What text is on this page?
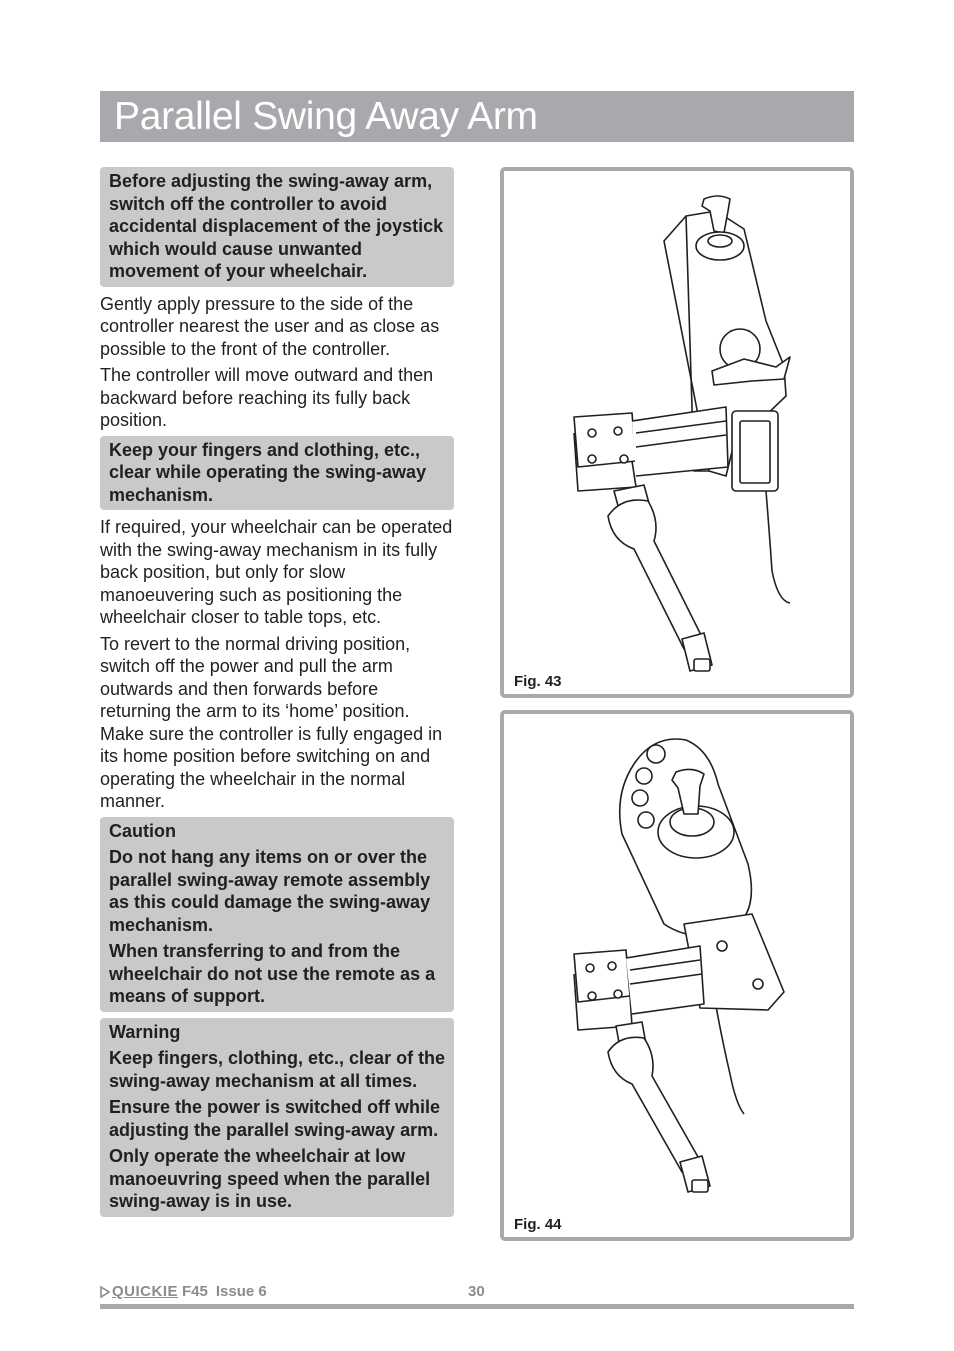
Parallel Swing Away Arm

Before adjusting the swing-away arm, switch off the controller to avoid accidental displacement of the joystick which would cause unwanted movement of your wheelchair.

Gently apply pressure to the side of the controller nearest the user and as close as possible to the front of the controller.

The controller will move outward and then backward before reaching its fully back position.

Keep your fingers and clothing, etc., clear while operating the swing-away mechanism.

If required, your wheelchair can be operated with the swing-away mechanism in its fully back position, but only for slow manoeuvering such as positioning the wheelchair closer to table tops, etc.

To revert to the normal driving position, switch off the power and pull the arm outwards and then forwards before returning the arm to its ‘home’ position. Make sure the controller is fully engaged in its home position before switching on and operating the wheelchair in the normal manner.

Caution

Do not hang any items on or over the parallel swing-away remote assembly as this could damage the swing-away mechanism.

When transferring to and from the wheelchair do not use the remote as a means of support.

Warning

Keep fingers, clothing, etc., clear of the swing-away mechanism at all times.

Ensure the power is switched off while adjusting the parallel swing-away arm.

Only operate the wheelchair at low manoeuvring speed when the parallel swing-away is in use.

Fig. 43
Fig. 44
QUICKIE F45 Issue 6	30
